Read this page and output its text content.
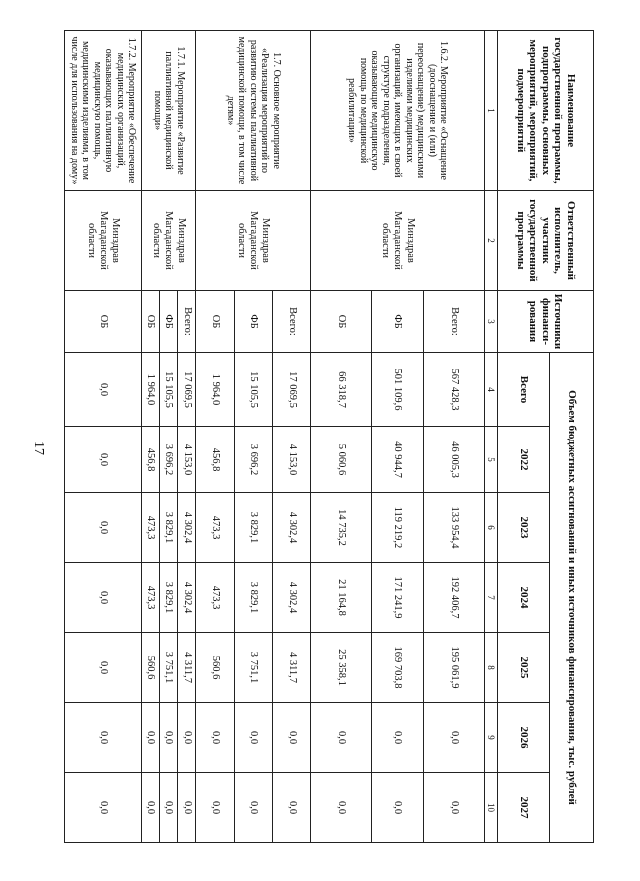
17
Наименование государственной программы, подпрограммы, основных мероприятий, мероприятий, подмероприятий	Ответственный исполнитель, участник государственной программы	Источники финанси-рования	Объем бюджетных ассигнований и иных источников финансирования, тыс. рублей						
			Всего	2022	2023	2024	2025	2026	2027
1	2	3	4	5	6	7	8	9	10
1.6.2. Мероприятие «Оснащение (дооснащение и (или) переоснащение) медицинскими изделиями медицинских организаций, имеющих в своей структуре подразделения, оказывающие медицинскую помощь по медицинской реабилитации»	Минздрав Магаданской области	Всего:	567 428,3	46 005,3	133 954,4	192 406,7	195 061,9	0,0	0,0
		ФБ	501 109,6	40 944,7	119 219,2	171 241,9	169 703,8	0,0	0,0
		ОБ	66 318,7	5 060,6	14 735,2	21 164,8	25 358,1	0,0	0,0
1.7. Основное мероприятие «Реализация мероприятий по развитию системы паллиативной медицинской помощи, в том числе детям»	Минздрав Магаданской области	Всего:	17 069,5	4 153,0	4 302,4	4 302,4	4 311,7	0,0	0,0
		ФБ	15 105,5	3 696,2	3 829,1	3 829,1	3 751,1	0,0	0,0
		ОБ	1 964,0	456,8	473,3	473,3	560,6	0,0	0,0
1.7.1. Мероприятие «Развитие паллиативной медицинской помощи»	Минздрав Магаданской области	Всего:	17 069,5	4 153,0	4 302,4	4 302,4	4 311,7	0,0	0,0
		ФБ	15 105,5	3 696,2	3 829,1	3 829,1	3 751,1	0,0	0,0
		ОБ	1 964,0	456,8	473,3	473,3	560,6	0,0	0,0
1.7.2. Мероприятие «Обеспечение медицинских организаций, оказывающих паллиативную медицинскую помощь, медицинскими изделиями, в том числе для использования на дому»	Минздрав Магаданской области	ОБ	0,0	0,0	0,0	0,0	0,0	0,0	0,0
